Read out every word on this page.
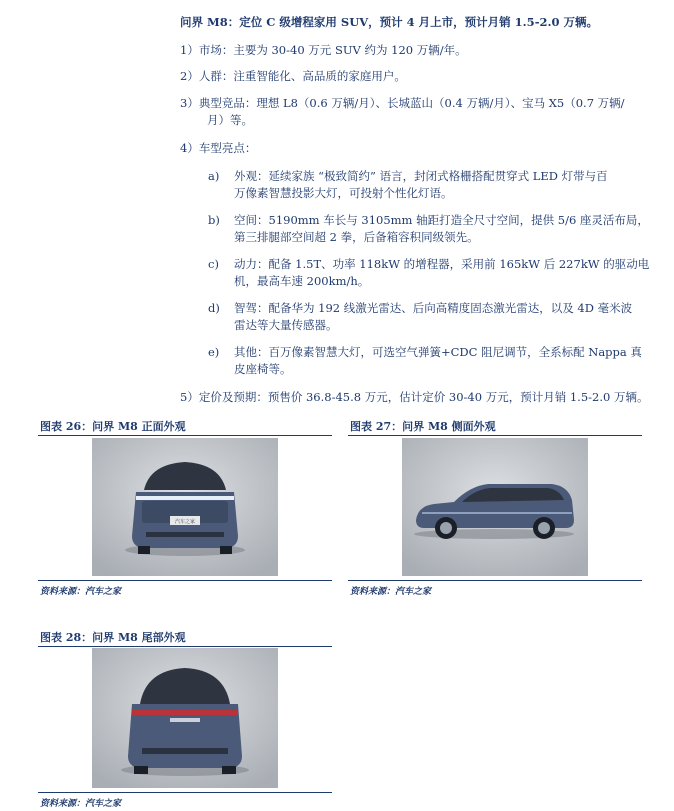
问界 M8：定位 C 级增程家用 SUV，预计 4 月上市，预计月销 1.5-2.0 万辆。
1）市场：主要为 30-40 万元 SUV 约为 120 万辆/年。
2）人群：注重智能化、高品质的家庭用户。
3）典型竞品：理想 L8（0.6 万辆/月）、长城蓝山（0.4 万辆/月）、宝马 X5（0.7 万辆/
月）等。
4）车型亮点：
a) 外观：延续家族 “极致简约” 语言，封闭式格栅搭配贯穿式 LED 灯带与百
万像素智慧投影大灯，可投射个性化灯语。
b) 空间：5190mm 车长与 3105mm 轴距打造全尺寸空间，提供 5/6 座灵活布局，
第三排腿部空间超 2 拳，后备箱容积同级领先。
c) 动力：配备 1.5T、功率 118kW 的增程器，采用前 165kW 后 227kW 的驱动电
机，最高车速 200km/h。
d) 智驾：配备华为 192 线激光雷达、后向高精度固态激光雷达，以及 4D 毫米波
雷达等大量传感器。
e) 其他：百万像素智慧大灯，可选空气弹簧+CDC 阻尼调节，全系标配 Nappa 真
皮座椅等。
5）定价及预期：预售价 36.8-45.8 万元，估计定价 30-40 万元，预计月销 1.5-2.0 万辆。
图表 26：问界 M8 正面外观
汽车之家
资料来源：汽车之家
图表 27：问界 M8 侧面外观
资料来源：汽车之家
图表 28：问界 M8 尾部外观
资料来源：汽车之家
